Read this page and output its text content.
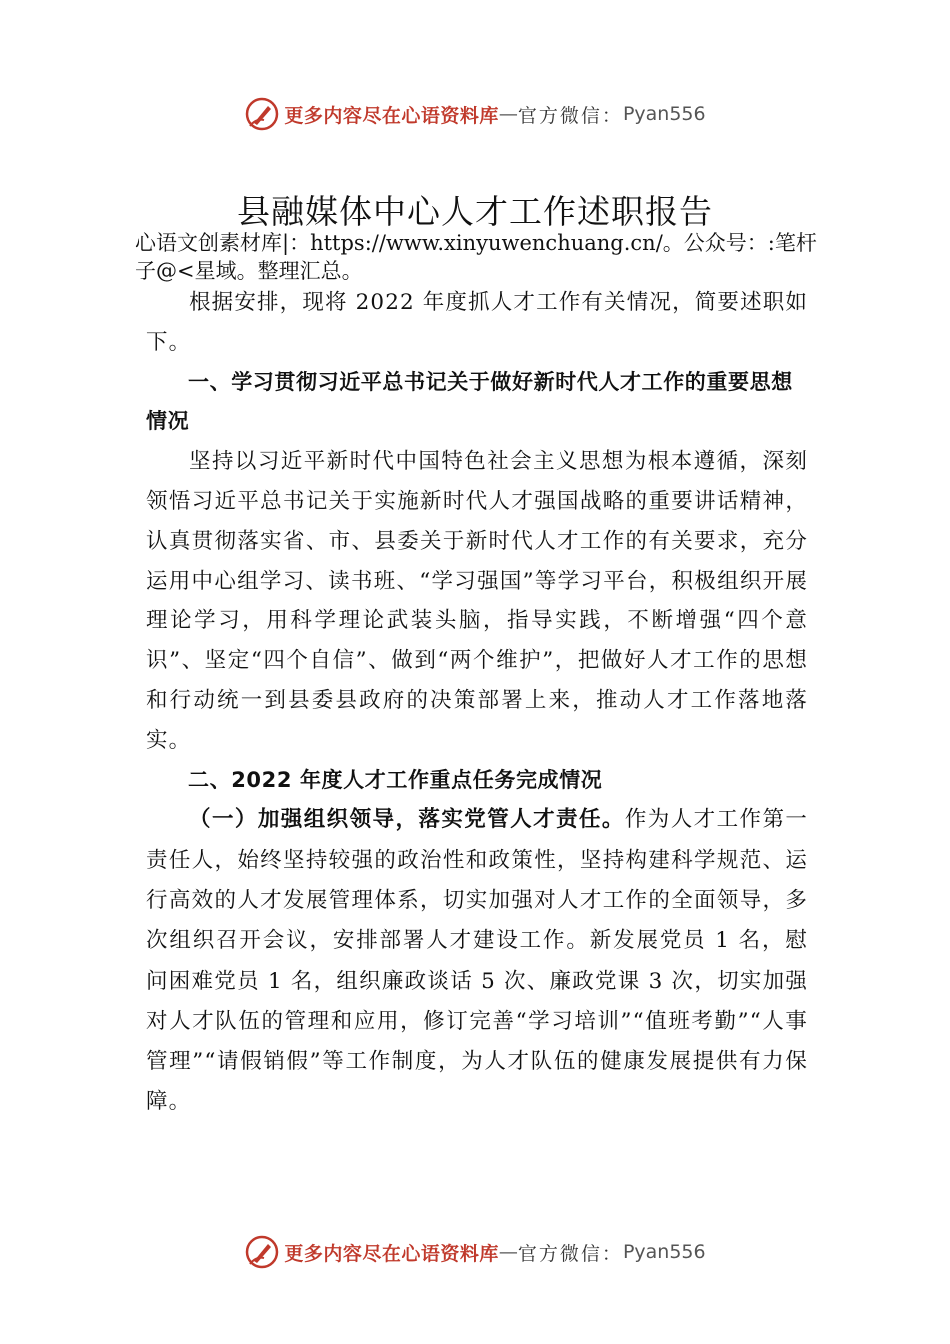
更多内容尽在心语资料库 — 官方微信： Pyan556
县融媒体中心人才工作述职报告

心语文创素材库|：https://www.xinyuwenchuang.cn/。公众号：:笔杆子@<星域。整理汇总。

根据安排，现将 2022 年度抓人才工作有关情况，简要述职如下。

一、学习贯彻习近平总书记关于做好新时代人才工作的重要思想情况

坚持以习近平新时代中国特色社会主义思想为根本遵循，深刻领悟习近平总书记关于实施新时代人才强国战略的重要讲话精神，认真贯彻落实省、市、县委关于新时代人才工作的有关要求，充分运用中心组学习、读书班、“学习强国”等学习平台，积极组织开展理论学习，用科学理论武装头脑，指导实践，不断增强“四个意识”、坚定“四个自信”、做到“两个维护”，把做好人才工作的思想和行动统一到县委县政府的决策部署上来，推动人才工作落地落实。

二、2022 年度人才工作重点任务完成情况

（一）加强组织领导，落实党管人才责任。作为人才工作第一责任人，始终坚持较强的政治性和政策性，坚持构建科学规范、运行高效的人才发展管理体系，切实加强对人才工作的全面领导，多次组织召开会议，安排部署人才建设工作。新发展党员 1 名，慰问困难党员 1 名，组织廉政谈话 5 次、廉政党课 3 次，切实加强对人才队伍的管理和应用，修订完善“学习培训”“值班考勤”“人事管理”“请假销假”等工作制度，为人才队伍的健康发展提供有力保障。

更多内容尽在心语资料库 — 官方微信： Pyan556
